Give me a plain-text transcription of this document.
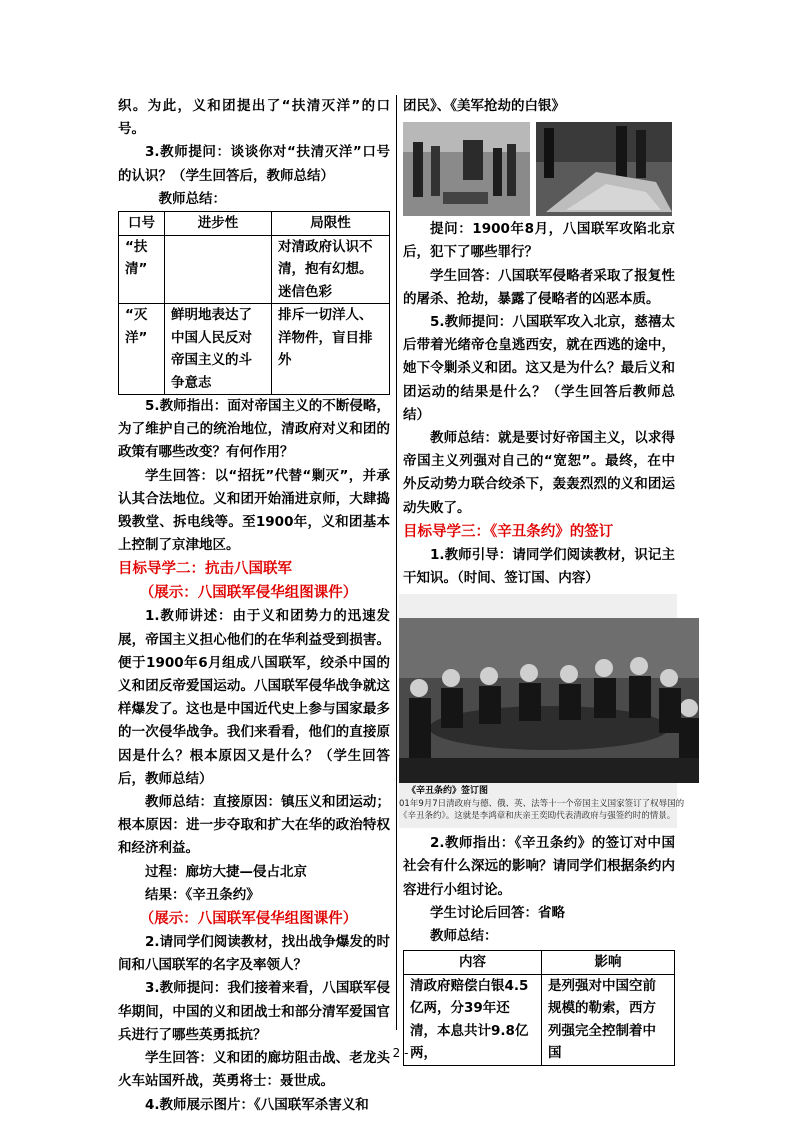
织。为此，义和团提出了“扶清灭洋”的口号。

3.教师提问：谈谈你对“扶清灭洋”口号的认识？（学生回答后，教师总结）

教师总结：

口号	进步性	局限性
“扶清”		对清政府认识不清，抱有幻想。迷信色彩
“灭洋”	鲜明地表达了中国人民反对帝国主义的斗争意志	排斥一切洋人、洋物件，盲目排外

5.教师指出：面对帝国主义的不断侵略，为了维护自己的统治地位，清政府对义和团的政策有哪些改变？有何作用？

学生回答：以“招抚”代替“剿灭”，并承认其合法地位。义和团开始涌进京师，大肆捣毁教堂、拆电线等。至1900年，义和团基本上控制了京津地区。

目标导学二：抗击八国联军
（展示：八国联军侵华组图课件）

1.教师讲述：由于义和团势力的迅速发展，帝国主义担心他们的在华利益受到损害。便于1900年6月组成八国联军，绞杀中国的义和团反帝爱国运动。八国联军侵华战争就这样爆发了。这也是中国近代史上参与国家最多的一次侵华战争。我们来看看，他们的直接原因是什么？根本原因又是什么？（学生回答后，教师总结）

教师总结：直接原因：镇压义和团运动；根本原因：进一步夺取和扩大在华的政治特权和经济利益。

过程：廊坊大捷—侵占北京

结果：《辛丑条约》

（展示：八国联军侵华组图课件）

2.请同学们阅读教材，找出战争爆发的时间和八国联军的名字及率领人？

3.教师提问：我们接着来看，八国联军侵华期间，中国的义和团战士和部分清军爱国官兵进行了哪些英勇抵抗？

学生回答：义和团的廊坊阻击战、老龙头火车站国歼战，英勇将士：聂世成。

4.教师展示图片：《八国联军杀害义和

团民》、《美军抢劫的白银》

提问：1900年8月，八国联军攻陷北京后，犯下了哪些罪行？

学生回答：八国联军侵略者采取了报复性的屠杀、抢劫，暴露了侵略者的凶恶本质。

5.教师提问：八国联军攻入北京，慈禧太后带着光绪帝仓皇逃西安，就在西逃的途中，她下令剿杀义和团。这又是为什么？最后义和团运动的结果是什么？（学生回答后教师总结）

教师总结：就是要讨好帝国主义，以求得帝国主义列强对自己的“宽恕”。最终，在中外反动势力联合绞杀下，轰轰烈烈的义和团运动失败了。

目标导学三：《辛丑条约》的签订

1.教师引导：请同学们阅读教材，识记主干知识。（时间、签订国、内容）

《辛丑条约》签订图
01年9月7日清政府与德、俄、英、法等十一个帝国主义国家签订了权辱国的《辛丑条约》。这就是李鸿章和庆亲王奕劻代表清政府与强签约时的情景。

2.教师指出：《辛丑条约》的签订对中国社会有什么深远的影响？请同学们根据条约内容进行小组讨论。

学生讨论后回答：省略

教师总结：

内容	影响
清政府赔偿白银4.5亿两，分39年还清，本息共计9.8亿两，	是列强对中国空前规模的勒索，西方列强完全控制着中国
- 2 -
